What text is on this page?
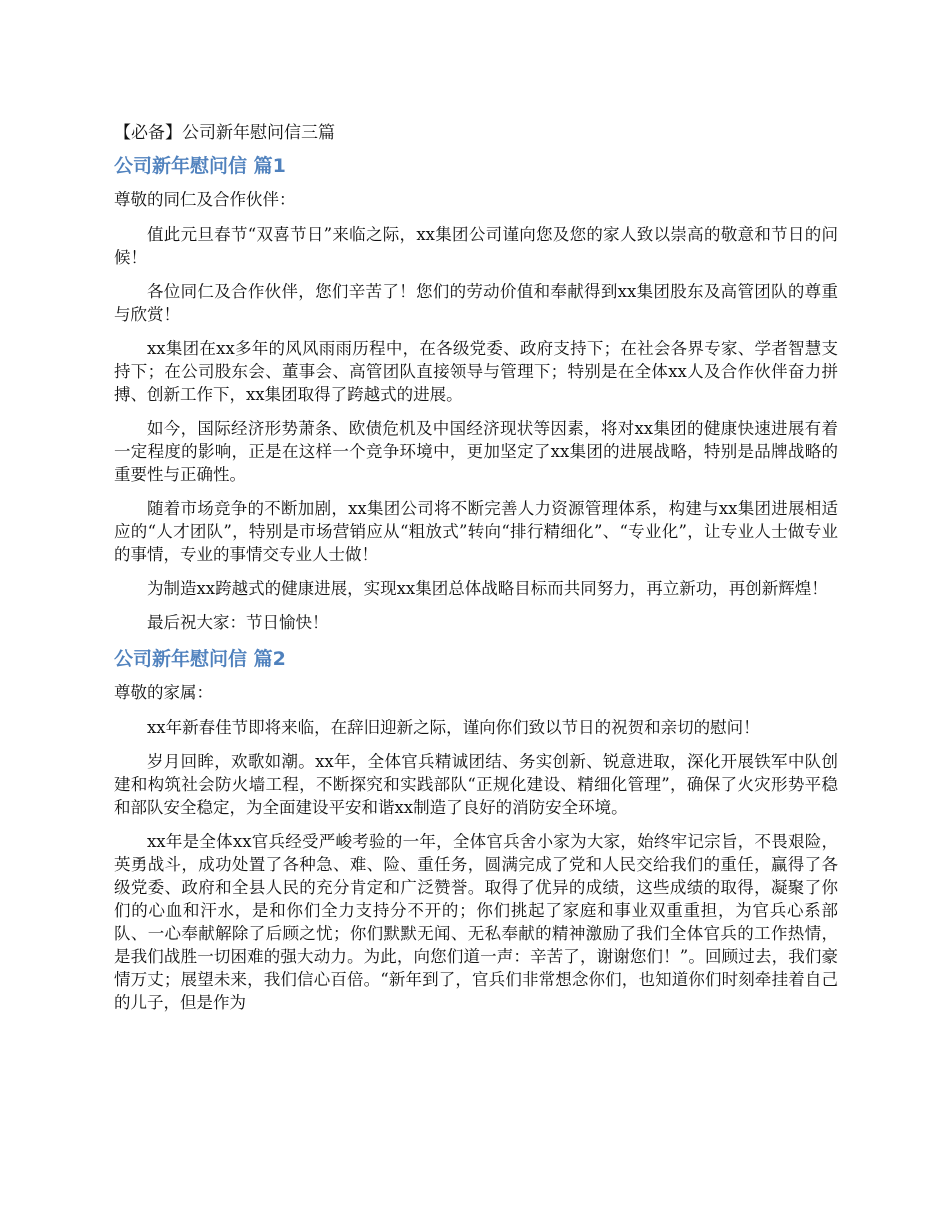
【必备】公司新年慰问信三篇
公司新年慰问信 篇1

尊敬的同仁及合作伙伴：

值此元旦春节“双喜节日”来临之际，xx集团公司谨向您及您的家人致以崇高的敬意和节日的问候！

各位同仁及合作伙伴，您们辛苦了！您们的劳动价值和奉献得到xx集团股东及高管团队的尊重与欣赏！

xx集团在xx多年的风风雨雨历程中，在各级党委、政府支持下；在社会各界专家、学者智慧支持下；在公司股东会、董事会、高管团队直接领导与管理下；特别是在全体xx人及合作伙伴奋力拼搏、创新工作下，xx集团取得了跨越式的进展。

如今，国际经济形势萧条、欧债危机及中国经济现状等因素，将对xx集团的健康快速进展有着一定程度的影响，正是在这样一个竞争环境中，更加坚定了xx集团的进展战略，特别是品牌战略的重要性与正确性。

随着市场竞争的不断加剧，xx集团公司将不断完善人力资源管理体系，构建与xx集团进展相适应的“人才团队”，特别是市场营销应从“粗放式”转向“排行精细化”、“专业化”，让专业人士做专业的事情，专业的事情交专业人士做！

为制造xx跨越式的健康进展，实现xx集团总体战略目标而共同努力，再立新功，再创新辉煌！

最后祝大家：节日愉快！

公司新年慰问信 篇2

尊敬的家属：

xx年新春佳节即将来临，在辞旧迎新之际，谨向你们致以节日的祝贺和亲切的慰问！

岁月回眸，欢歌如潮。xx年，全体官兵精诚团结、务实创新、锐意进取，深化开展铁军中队创建和构筑社会防火墙工程，不断探究和实践部队“正规化建设、精细化管理”，确保了火灾形势平稳和部队安全稳定，为全面建设平安和谐xx制造了良好的消防安全环境。

xx年是全体xx官兵经受严峻考验的一年，全体官兵舍小家为大家，始终牢记宗旨，不畏艰险，英勇战斗，成功处置了各种急、难、险、重任务，圆满完成了党和人民交给我们的重任，赢得了各级党委、政府和全县人民的充分肯定和广泛赞誉。取得了优异的成绩，这些成绩的取得，凝聚了你们的心血和汗水，是和你们全力支持分不开的；你们挑起了家庭和事业双重重担，为官兵心系部队、一心奉献解除了后顾之忧；你们默默无闻、无私奉献的精神激励了我们全体官兵的工作热情，是我们战胜一切困难的强大动力。为此，向您们道一声：辛苦了，谢谢您们！”。回顾过去，我们豪情万丈；展望未来，我们信心百倍。“新年到了，官兵们非常想念你们，也知道你们时刻牵挂着自己的儿子，但是作为
